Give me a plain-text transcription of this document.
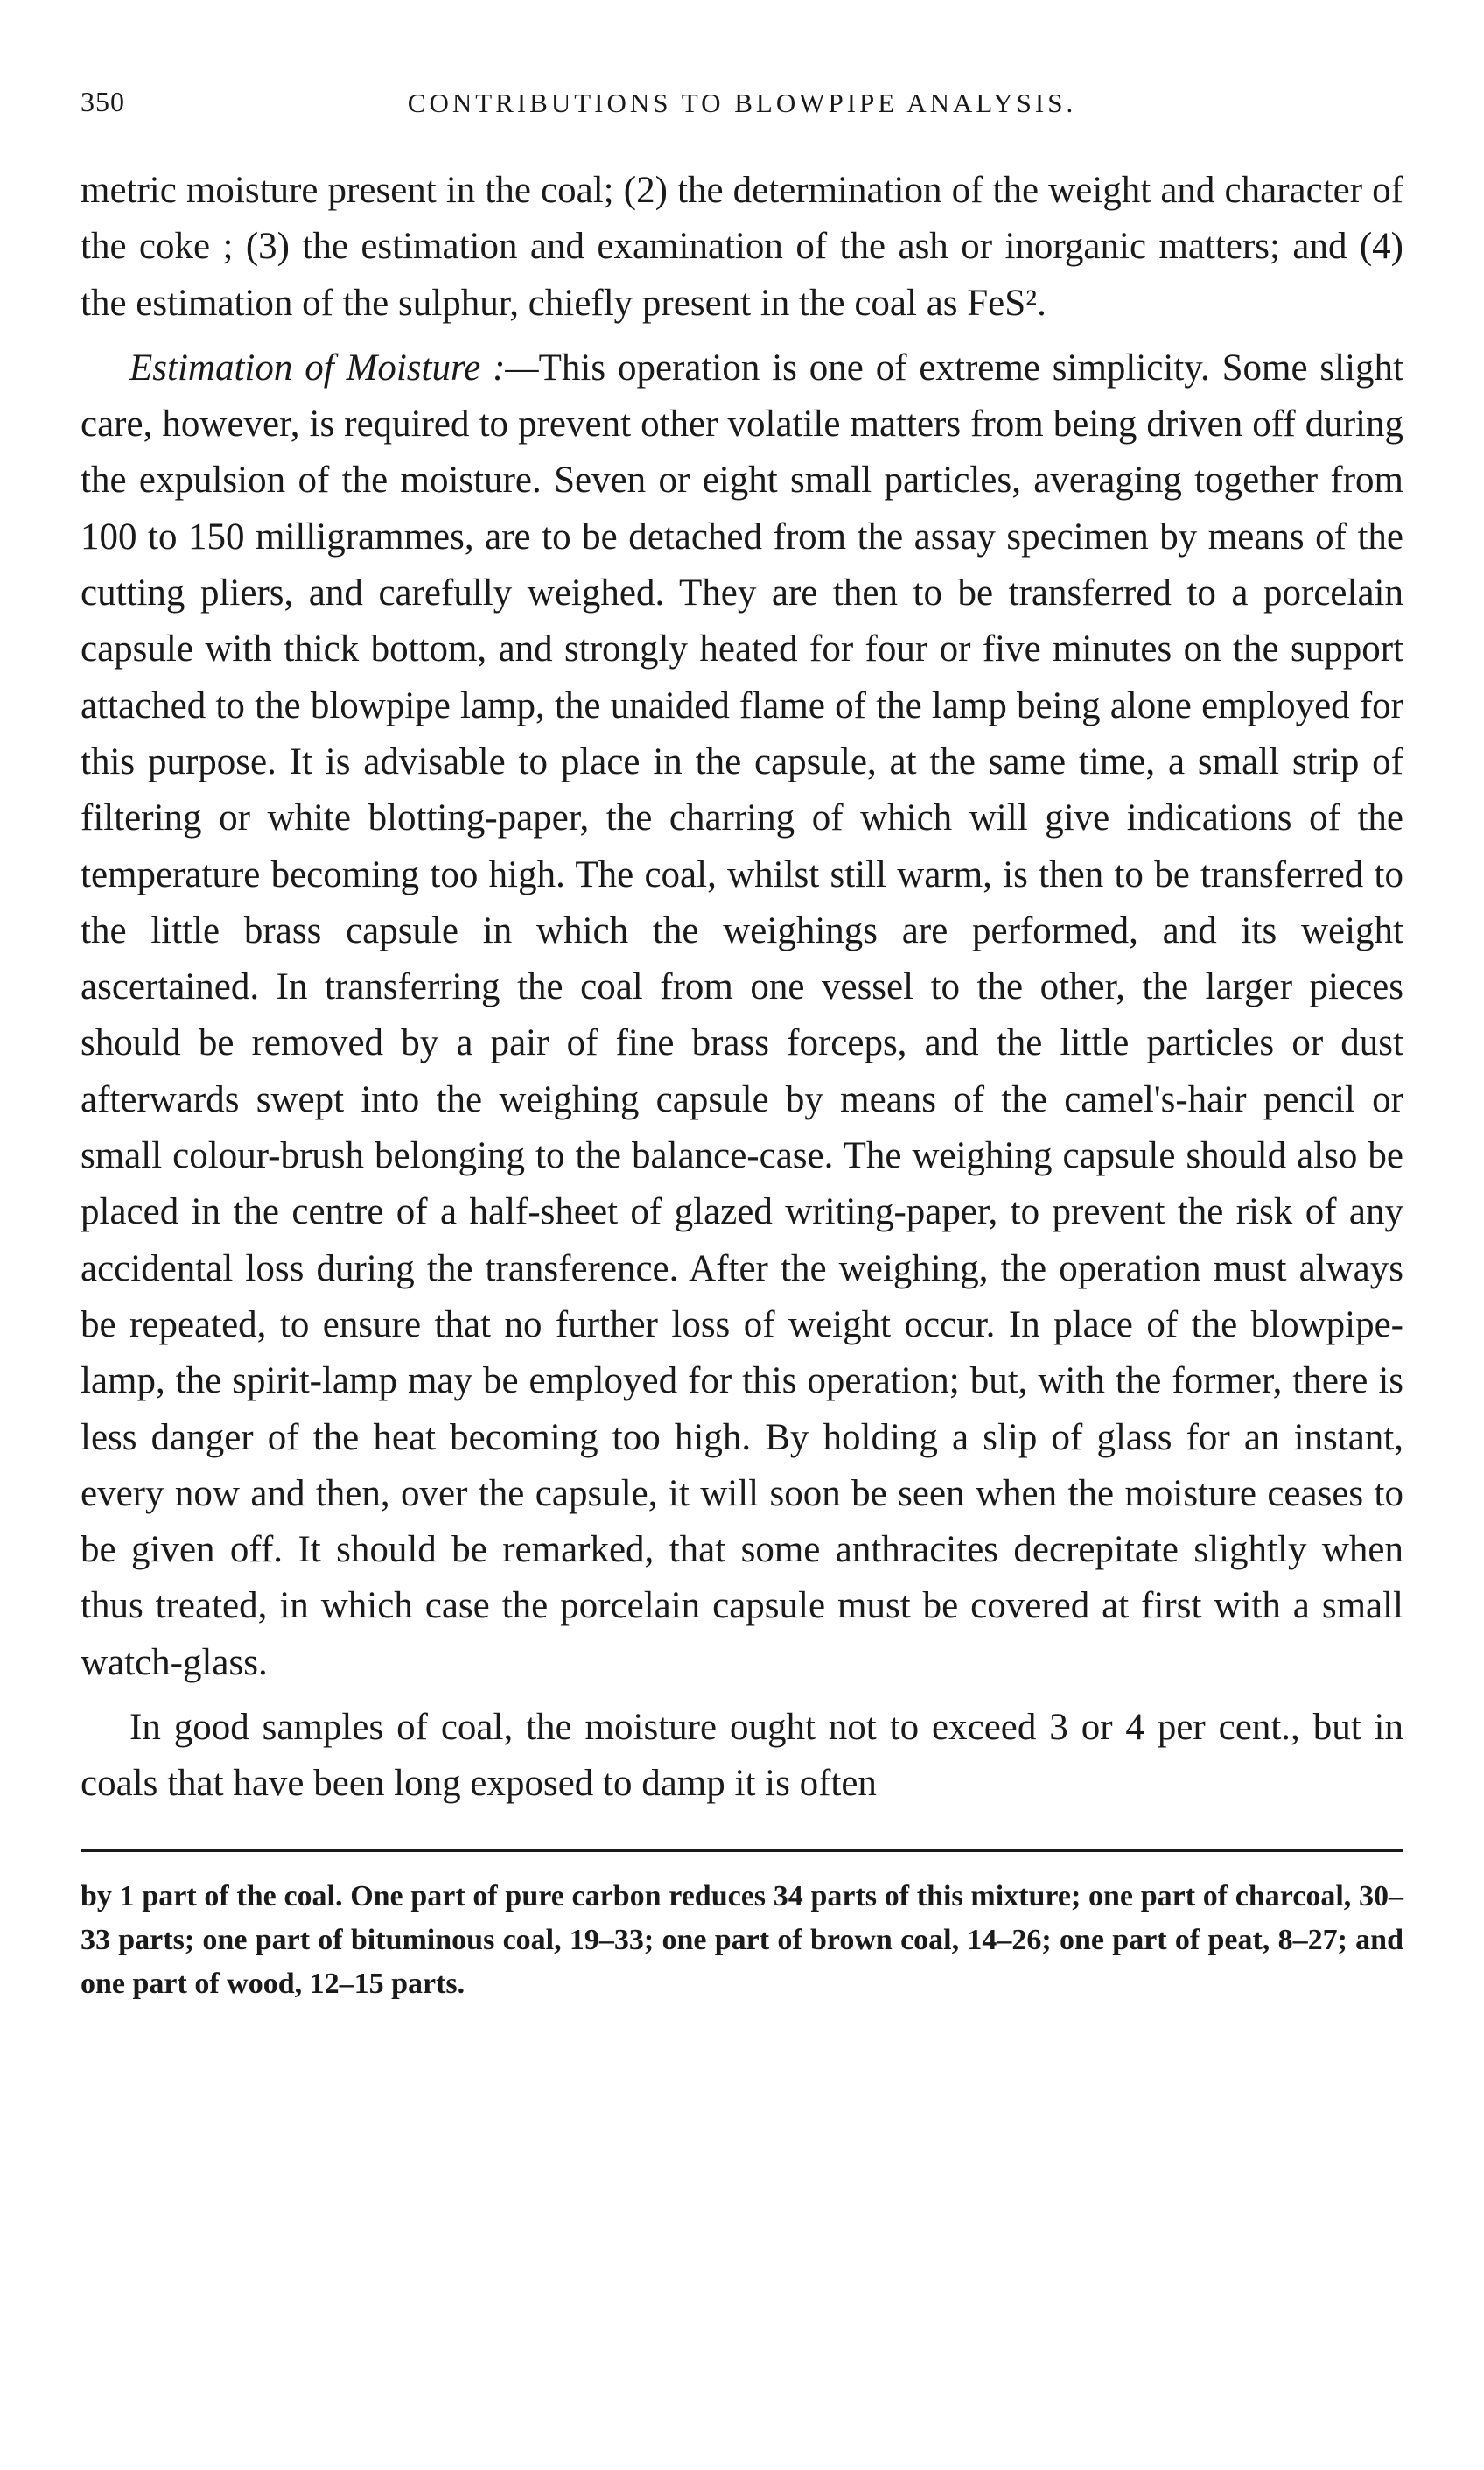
350	CONTRIBUTIONS TO BLOWPIPE ANALYSIS.

metric moisture present in the coal; (2) the determination of the weight and character of the coke ; (3) the estimation and examination of the ash or inorganic matters; and (4) the estimation of the sulphur, chiefly present in the coal as FeS².

Estimation of Moisture :—This operation is one of extreme simplicity. Some slight care, however, is required to prevent other volatile matters from being driven off during the expulsion of the moisture. Seven or eight small particles, averaging together from 100 to 150 milligrammes, are to be detached from the assay specimen by means of the cutting pliers, and carefully weighed. They are then to be transferred to a porcelain capsule with thick bottom, and strongly heated for four or five minutes on the support attached to the blowpipe lamp, the unaided flame of the lamp being alone employed for this purpose. It is advisable to place in the capsule, at the same time, a small strip of filtering or white blotting-paper, the charring of which will give indications of the temperature becoming too high. The coal, whilst still warm, is then to be transferred to the little brass capsule in which the weighings are performed, and its weight ascertained. In transferring the coal from one vessel to the other, the larger pieces should be removed by a pair of fine brass forceps, and the little particles or dust afterwards swept into the weighing capsule by means of the camel's-hair pencil or small colour-brush belonging to the balance-case. The weighing capsule should also be placed in the centre of a half-sheet of glazed writing-paper, to prevent the risk of any accidental loss during the transference. After the weighing, the operation must always be repeated, to ensure that no further loss of weight occur. In place of the blowpipe-lamp, the spirit-lamp may be employed for this operation; but, with the former, there is less danger of the heat becoming too high. By holding a slip of glass for an instant, every now and then, over the capsule, it will soon be seen when the moisture ceases to be given off. It should be remarked, that some anthracites decrepitate slightly when thus treated, in which case the porcelain capsule must be covered at first with a small watch-glass.

In good samples of coal, the moisture ought not to exceed 3 or 4 per cent., but in coals that have been long exposed to damp it is often

by 1 part of the coal. One part of pure carbon reduces 34 parts of this mixture; one part of charcoal, 30–33 parts; one part of bituminous coal, 19–33; one part of brown coal, 14–26; one part of peat, 8–27; and one part of wood, 12–15 parts.
